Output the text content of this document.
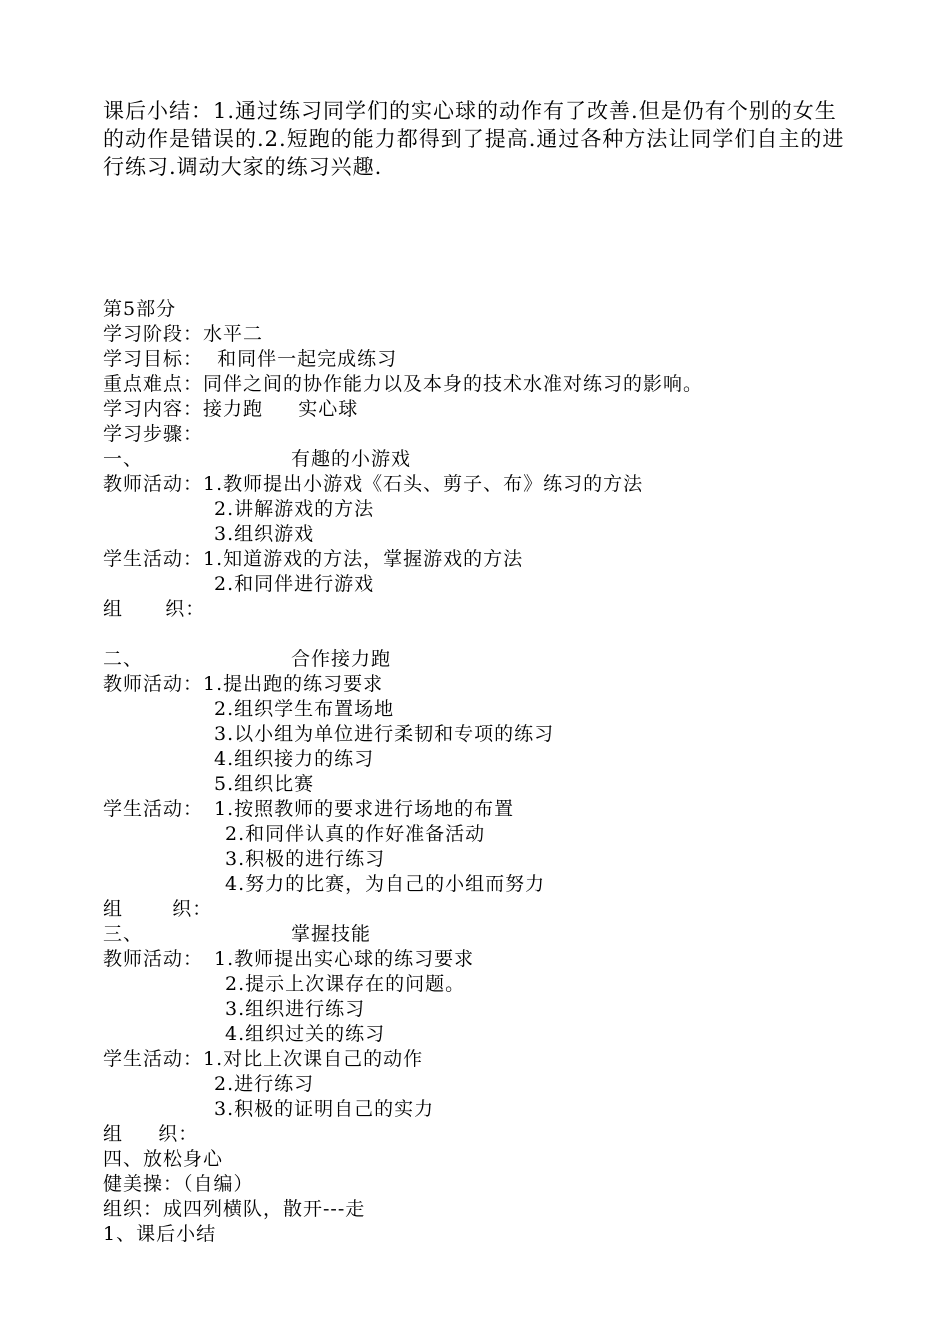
课后小结：1.通过练习同学们的实心球的动作有了改善.但是仍有个别的女生

的动作是错误的.2.短跑的能力都得到了提高.通过各种方法让同学们自主的进

行练习.调动大家的练习兴趣.

第5部分
学习阶段：水平二
学习目标：  和同伴一起完成练习
重点难点：同伴之间的协作能力以及本身的技术水准对练习的影响。
学习内容：接力跑     实心球
学习步骤：
一、	有趣的小游戏
教师活动：1.教师提出小游戏《石头、剪子、布》练习的方法
2.讲解游戏的方法
3.组织游戏
学生活动：1.知道游戏的方法，掌握游戏的方法
2.和同伴进行游戏
组      织：
二、	合作接力跑
教师活动：1.提出跑的练习要求
2.组织学生布置场地
3.以小组为单位进行柔韧和专项的练习
4.组织接力的练习
5.组织比赛
学生活动： 1.按照教师的要求进行场地的布置
2.和同伴认真的作好准备活动
3.积极的进行练习
4.努力的比赛，为自己的小组而努力
组       织：
三、	掌握技能
教师活动： 1.教师提出实心球的练习要求
2.提示上次课存在的问题。
3.组织进行练习
4.组织过关的练习
学生活动：1.对比上次课自己的动作
2.进行练习
3.积极的证明自己的实力
组     织：
四、放松身心
健美操：（自编）
组织：成四列横队，散开---走
1、课后小结
